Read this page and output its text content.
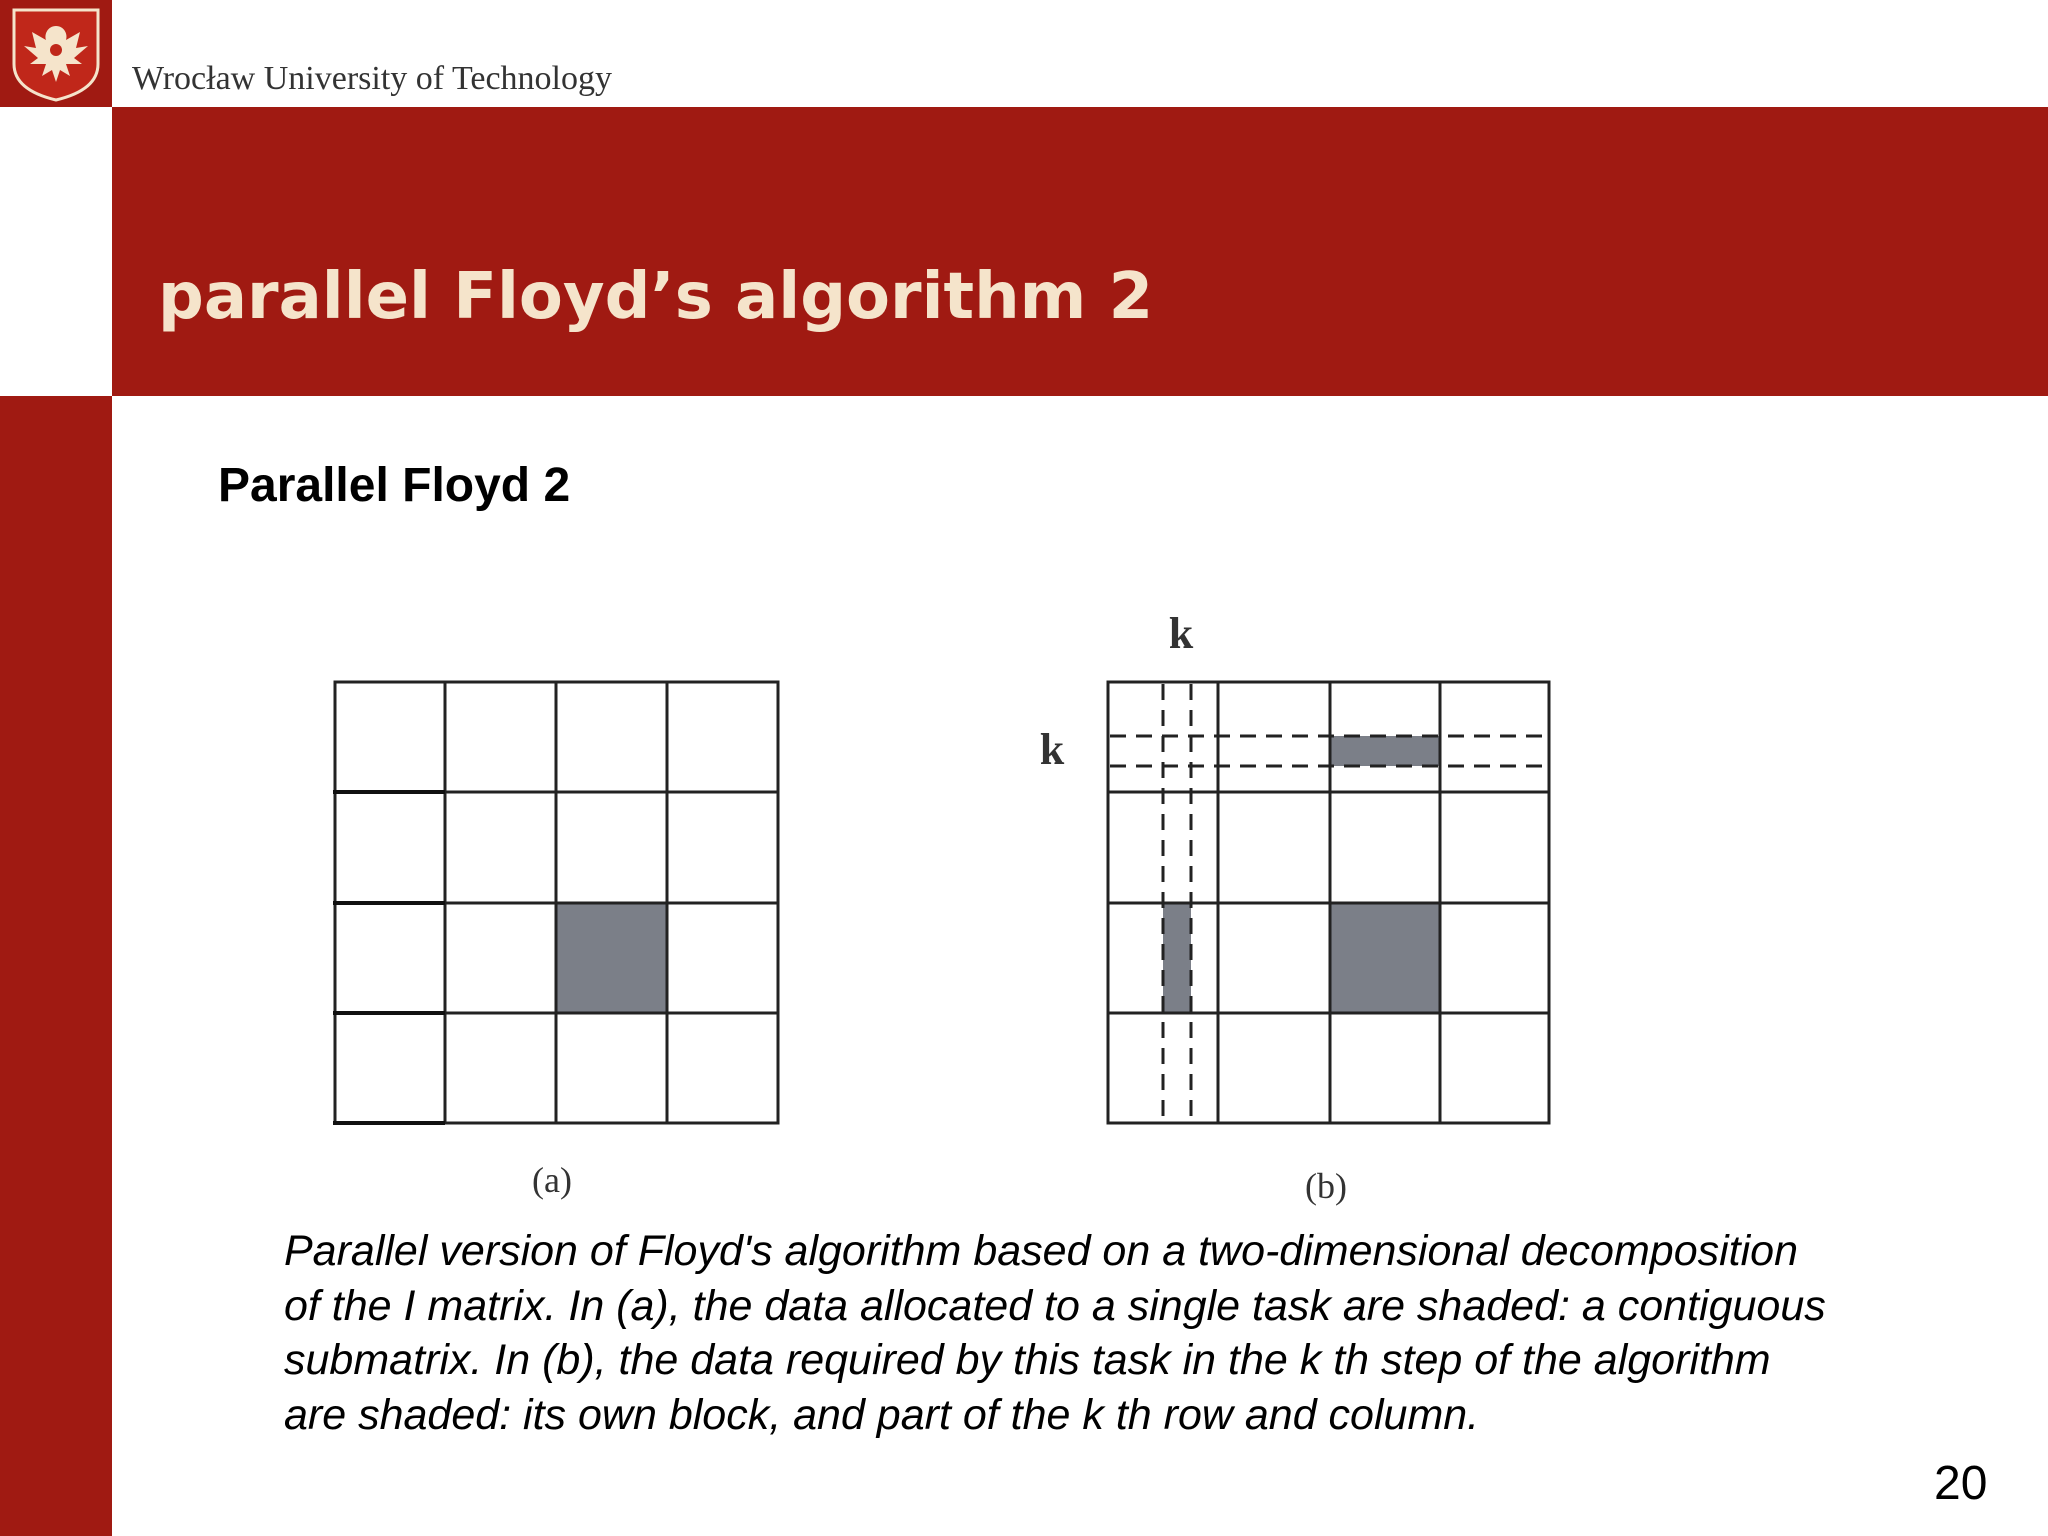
Wrocław University of Technology
parallel Floyd’s algorithm 2
Parallel Floyd 2
(a)
k
k
(b)
Parallel version of Floyd's algorithm based on a two-dimensional decomposition of the I matrix. In (a), the data allocated to a single task are shaded: a contiguous submatrix. In (b), the data required by this task in the k th step of the algorithm are shaded: its own block, and part of the k th row and column.
20
